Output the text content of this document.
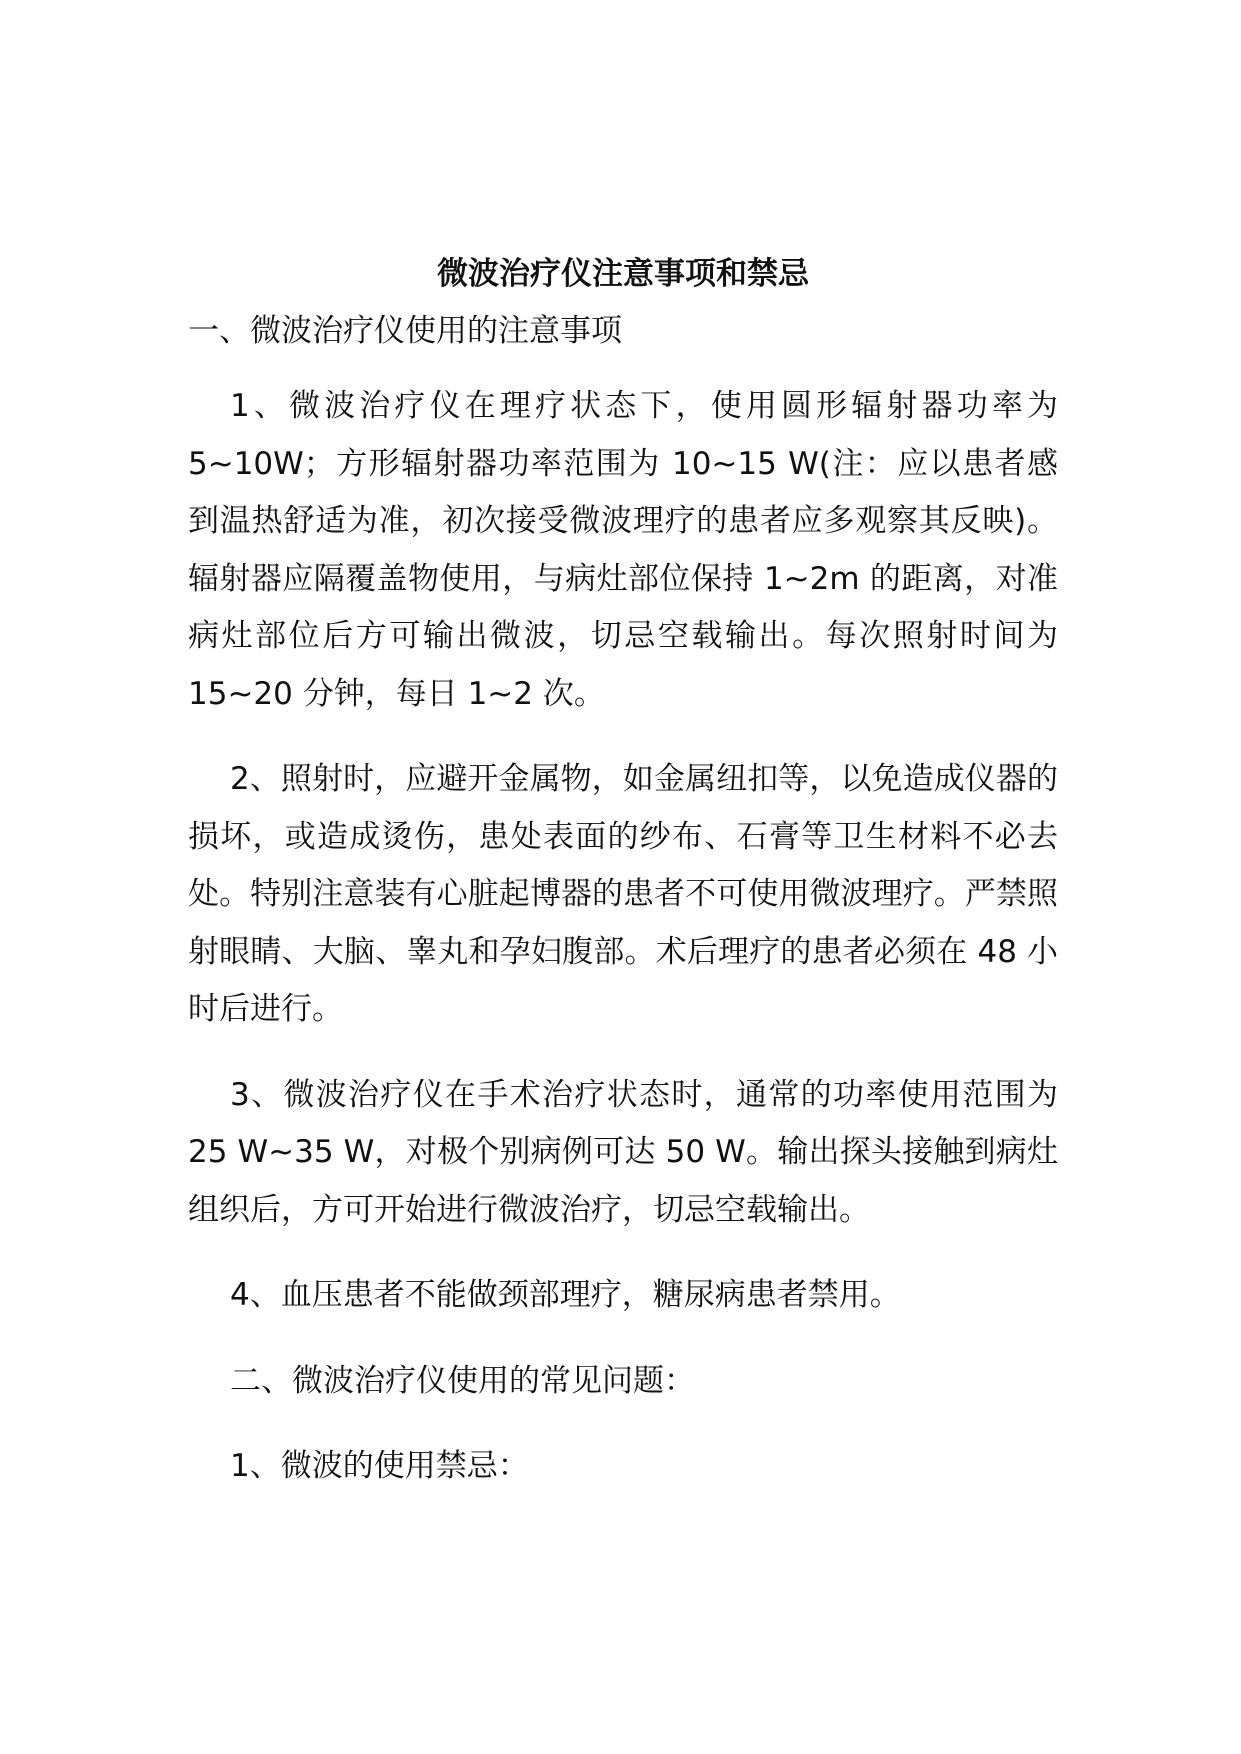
微波治疗仪注意事项和禁忌
一、微波治疗仪使用的注意事项

1、微波治疗仪在理疗状态下，使用圆形辐射器功率为5~10W；方形辐射器功率范围为 10~15 W(注：应以患者感到温热舒适为准，初次接受微波理疗的患者应多观察其反映)。辐射器应隔覆盖物使用，与病灶部位保持 1~2m 的距离，对准病灶部位后方可输出微波，切忌空载输出。每次照射时间为 15~20 分钟，每日 1~2 次。

2、照射时，应避开金属物，如金属纽扣等，以免造成仪器的损坏，或造成烫伤，患处表面的纱布、石膏等卫生材料不必去处。特别注意装有心脏起博器的患者不可使用微波理疗。严禁照射眼睛、大脑、睾丸和孕妇腹部。术后理疗的患者必须在 48 小时后进行。

3、微波治疗仪在手术治疗状态时，通常的功率使用范围为 25 W~35 W，对极个别病例可达 50 W。输出探头接触到病灶组织后，方可开始进行微波治疗，切忌空载输出。

4、血压患者不能做颈部理疗，糖尿病患者禁用。

二、微波治疗仪使用的常见问题：

1、微波的使用禁忌：
